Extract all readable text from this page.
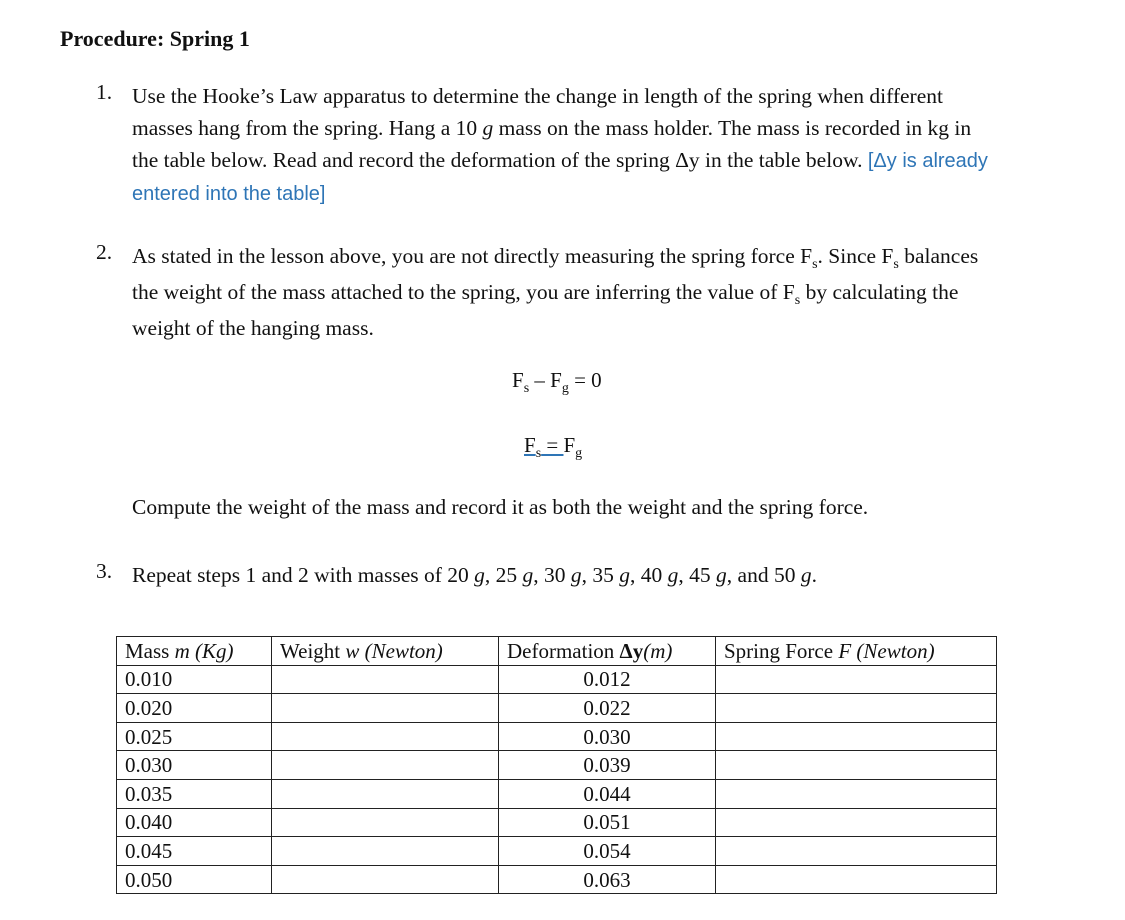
Procedure: Spring 1
1. Use the Hooke’s Law apparatus to determine the change in length of the spring when different masses hang from the spring. Hang a 10 g mass on the mass holder. The mass is recorded in kg in the table below. Read and record the deformation of the spring Δy in the table below. [Δy is already entered into the table]
2. As stated in the lesson above, you are not directly measuring the spring force $F_s$. Since $F_s$ balances the weight of the mass attached to the spring, you are inferring the value of $F_s$ by calculating the weight of the hanging mass.
$F_s - F_g = 0$
$F_s = F_g$
Compute the weight of the mass and record it as both the weight and the spring force.
3. Repeat steps 1 and 2 with masses of 20 g, 25 g, 30 g, 35 g, 40 g, 45 g, and 50 g.
Mass m (Kg)	Weight w (Newton)	Deformation Δy(m)	Spring Force F (Newton)
0.010		0.012	
0.020		0.022	
0.025		0.030	
0.030		0.039	
0.035		0.044	
0.040		0.051	
0.045		0.054	
0.050		0.063	
